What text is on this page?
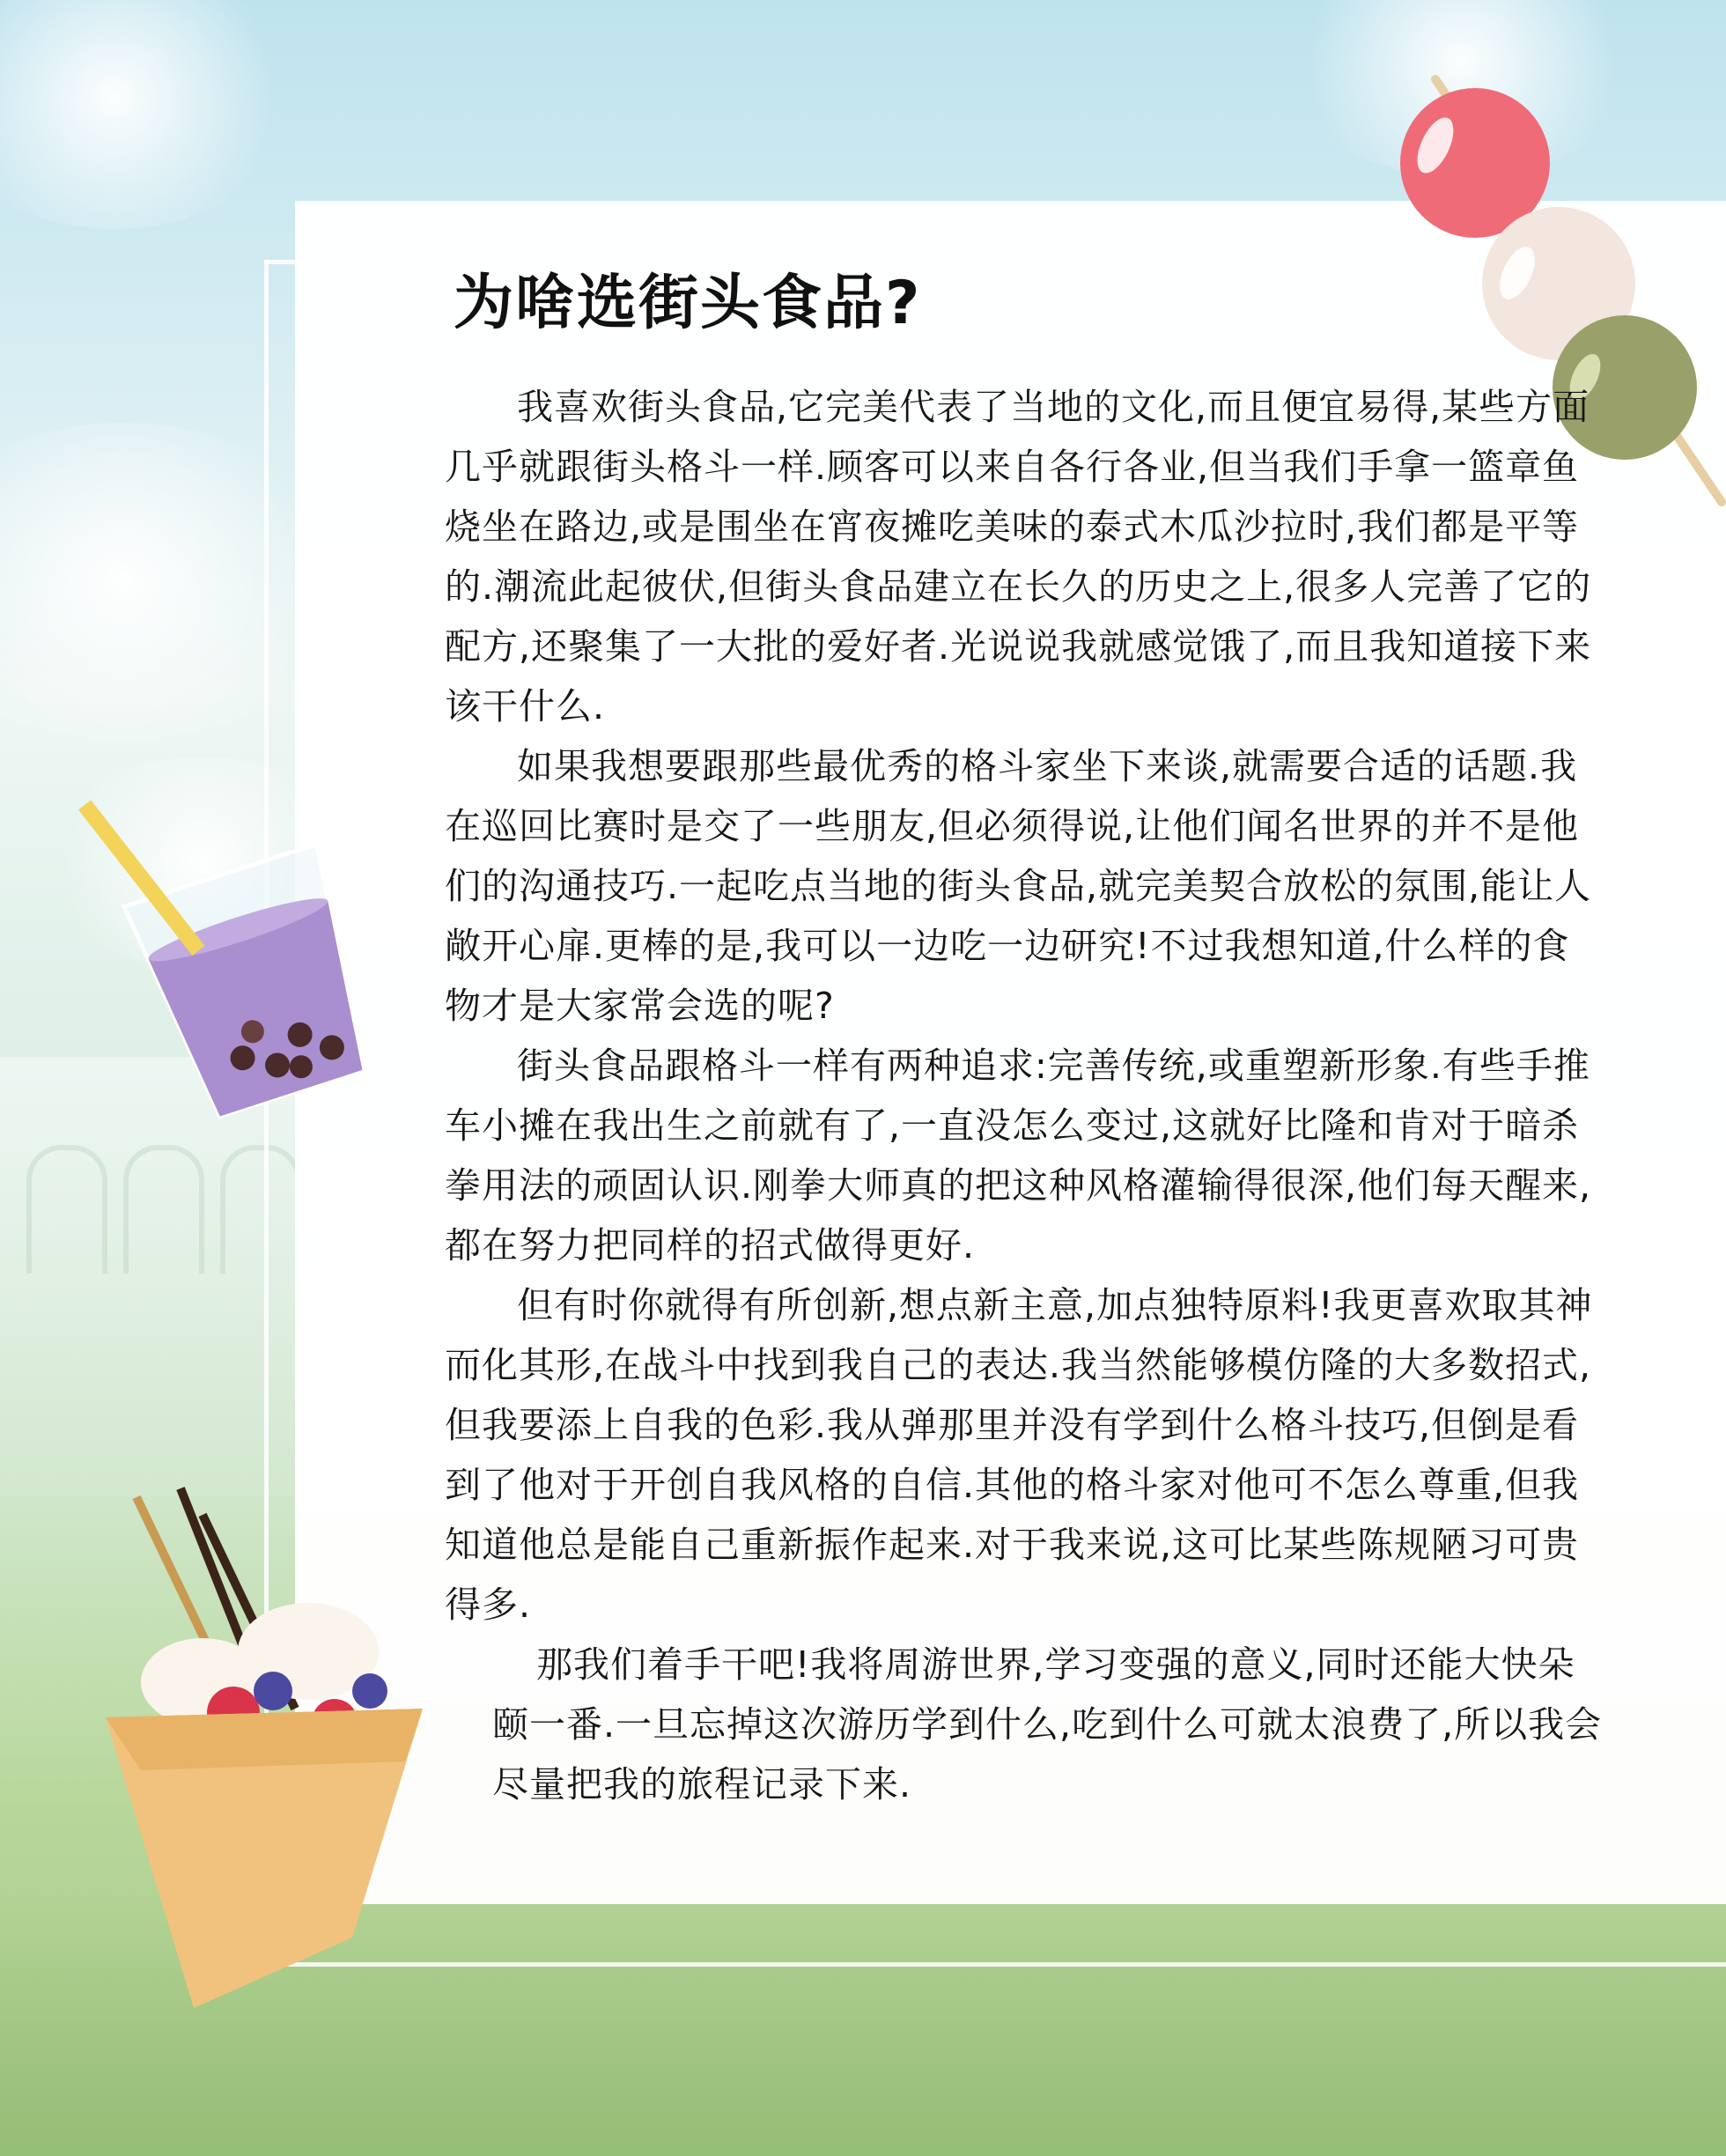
为啥选街头食品?

我喜欢街头食品,它完美代表了当地的文化,而且便宜易得,某些方面几乎就跟街头格斗一样.顾客可以来自各行各业,但当我们手拿一篮章鱼烧坐在路边,或是围坐在宵夜摊吃美味的泰式木瓜沙拉时,我们都是平等的.潮流此起彼伏,但街头食品建立在长久的历史之上,很多人完善了它的配方,还聚集了一大批的爱好者.光说说我就感觉饿了,而且我知道接下来该干什么.

如果我想要跟那些最优秀的格斗家坐下来谈,就需要合适的话题.我在巡回比赛时是交了一些朋友,但必须得说,让他们闻名世界的并不是他们的沟通技巧.一起吃点当地的街头食品,就完美契合放松的氛围,能让人敞开心扉.更棒的是,我可以一边吃一边研究!不过我想知道,什么样的食物才是大家常会选的呢?

街头食品跟格斗一样有两种追求:完善传统,或重塑新形象.有些手推车小摊在我出生之前就有了,一直没怎么变过,这就好比隆和肯对于暗杀拳用法的顽固认识.刚拳大师真的把这种风格灌输得很深,他们每天醒来,都在努力把同样的招式做得更好.

但有时你就得有所创新,想点新主意,加点独特原料!我更喜欢取其神而化其形,在战斗中找到我自己的表达.我当然能够模仿隆的大多数招式,但我要添上自我的色彩.我从弹那里并没有学到什么格斗技巧,但倒是看到了他对于开创自我风格的自信.其他的格斗家对他可不怎么尊重,但我知道他总是能自己重新振作起来.对于我来说,这可比某些陈规陋习可贵得多.

那我们着手干吧!我将周游世界,学习变强的意义,同时还能大快朵颐一番.一旦忘掉这次游历学到什么,吃到什么可就太浪费了,所以我会尽量把我的旅程记录下来.
